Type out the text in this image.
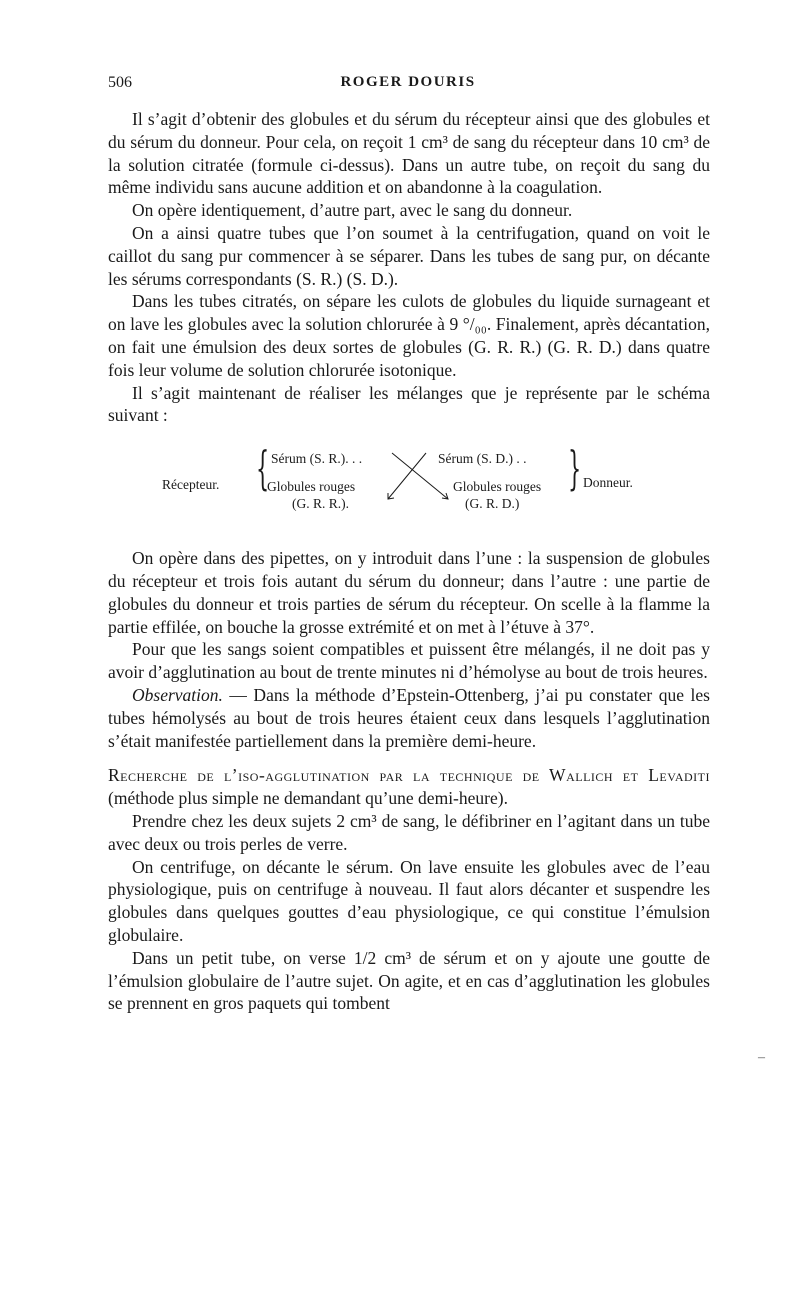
506	ROGER DOURIS

Il s’agit d’obtenir des globules et du sérum du récepteur ainsi que des globules et du sérum du donneur. Pour cela, on reçoit 1 cm³ de sang du récepteur dans 10 cm³ de la solution citratée (formule ci-dessus). Dans un autre tube, on reçoit du sang du même individu sans aucune addition et on abandonne à la coagulation.

On opère identiquement, d’autre part, avec le sang du donneur.

On a ainsi quatre tubes que l’on soumet à la centrifugation, quand on voit le caillot du sang pur commencer à se séparer. Dans les tubes de sang pur, on décante les sérums correspondants (S. R.) (S. D.).

Dans les tubes citratés, on sépare les culots de globules du liquide surnageant et on lave les globules avec la solution chlorurée à 9 °/₀₀. Finalement, après décantation, on fait une émulsion des deux sortes de globules (G. R. R.) (G. R. D.) dans quatre fois leur volume de solution chlorurée isotonique.

Il s’agit maintenant de réaliser les mélanges que je représente par le schéma suivant :

Récepteur. { Sérum (S. R.). . .
Globules rouges
(G. R. R.).
Sérum (S. D.) . .
Globules rouges
(G. R. D.)
} Donneur.

On opère dans des pipettes, on y introduit dans l’une : la suspension de globules du récepteur et trois fois autant du sérum du donneur; dans l’autre : une partie de globules du donneur et trois parties de sérum du récepteur. On scelle à la flamme la partie effilée, on bouche la grosse extrémité et on met à l’étuve à 37°.

Pour que les sangs soient compatibles et puissent être mélangés, il ne doit pas y avoir d’agglutination au bout de trente minutes ni d’hémolyse au bout de trois heures.

Observation. — Dans la méthode d’Epstein-Ottenberg, j’ai pu constater que les tubes hémolysés au bout de trois heures étaient ceux dans lesquels l’agglutination s’était manifestée partiellement dans la première demi-heure.

Recherche de l’iso-agglutination par la technique de Wallich et Levaditi (méthode plus simple ne demandant qu’une demi-heure).

Prendre chez les deux sujets 2 cm³ de sang, le défibriner en l’agitant dans un tube avec deux ou trois perles de verre.

On centrifuge, on décante le sérum. On lave ensuite les globules avec de l’eau physiologique, puis on centrifuge à nouveau. Il faut alors décanter et suspendre les globules dans quelques gouttes d’eau physiologique, ce qui constitue l’émulsion globulaire.

Dans un petit tube, on verse 1/2 cm³ de sérum et on y ajoute une goutte de l’émulsion globulaire de l’autre sujet. On agite, et en cas d’agglutination les globules se prennent en gros paquets qui tombent

–
